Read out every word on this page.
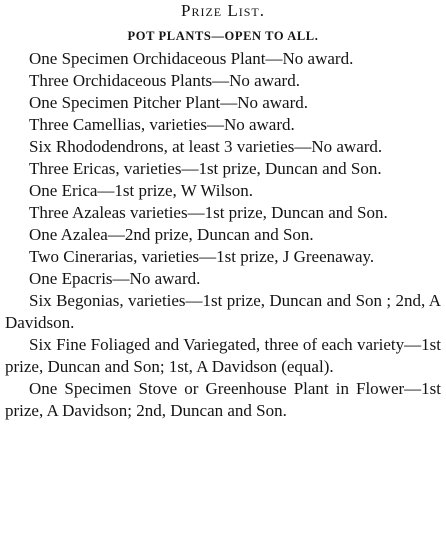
Prize List.
POT PLANTS—OPEN TO ALL.

One Specimen Orchidaceous Plant—No award.

Three Orchidaceous Plants—No award.

One Specimen Pitcher Plant—No award.

Three Camellias, varieties—No award.

Six Rhododendrons, at least 3 varieties—No award.

Three Ericas, varieties—1st prize, Duncan and Son.

One Erica—1st prize, W Wilson.

Three Azaleas varieties—1st prize, Duncan and Son.

One Azalea—2nd prize, Duncan and Son.

Two Cinerarias, varieties—1st prize, J Greenaway.

One Epacris—No award.

Six Begonias, varieties—1st prize, Duncan and Son ; 2nd, A Davidson.

Six Fine Foliaged and Variegated, three of each variety—1st prize, Duncan and Son; 1st, A Davidson (equal).

One Specimen Stove or Greenhouse Plant in Flower—1st prize, A Davidson; 2nd, Duncan and Son.
